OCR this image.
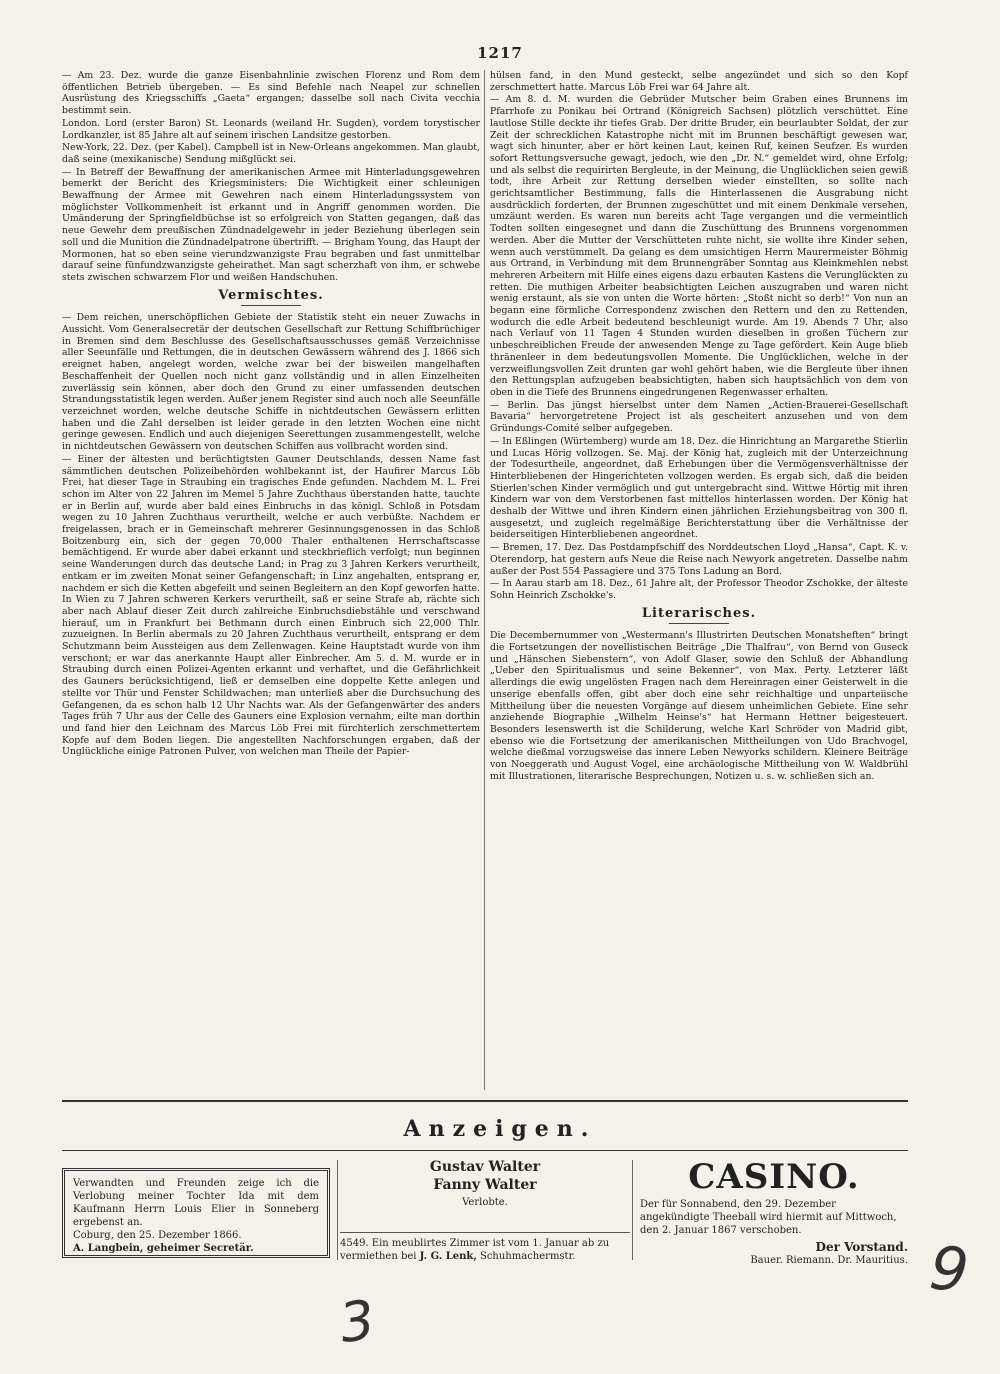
1217

— Am 23. Dez. wurde die ganze Eisenbahnlinie zwischen Florenz und Rom dem öffentlichen Betrieb übergeben. — Es sind Befehle nach Neapel zur schnellen Ausrüstung des Kriegsschiffs „Gaeta“ ergangen; dasselbe soll nach Civita vecchia bestimmt sein.

London. Lord (erster Baron) St. Leonards (weiland Hr. Sugden), vordem torystischer Lordkanzler, ist 85 Jahre alt auf seinem irischen Landsitze gestorben.

New-York, 22. Dez. (per Kabel). Campbell ist in New-Orleans angekommen. Man glaubt, daß seine (mexikanische) Sendung mißglückt sei.

— In Betreff der Bewaffnung der amerikanischen Armee mit Hinterladungsgewehren bemerkt der Bericht des Kriegsministers: Die Wichtigkeit einer schleunigen Bewaffnung der Armee mit Gewehren nach einem Hinterladungssystem von möglichster Vollkommenheit ist erkannt und in Angriff genommen worden. Die Umänderung der Springfieldbüchse ist so erfolgreich von Statten gegangen, daß das neue Gewehr dem preußischen Zündnadelgewehr in jeder Beziehung überlegen sein soll und die Munition die Zündnadelpatrone übertrifft. — Brigham Young, das Haupt der Mormonen, hat so eben seine vierundzwanzigste Frau begraben und fast unmittelbar darauf seine fünfundzwanzigste geheirathet. Man sagt scherzhaft von ihm, er schwebe stets zwischen schwarzem Flor und weißen Handschuhen.

Vermischtes.

— Dem reichen, unerschöpflichen Gebiete der Statistik steht ein neuer Zuwachs in Aussicht. Vom Generalsecretär der deutschen Gesellschaft zur Rettung Schiffbrüchiger in Bremen sind dem Beschlusse des Gesellschaftsausschusses gemäß Verzeichnisse aller Seeunfälle und Rettungen, die in deutschen Gewässern während des J. 1866 sich ereignet haben, angelegt worden, welche zwar bei der bisweilen mangelhaften Beschaffenheit der Quellen noch nicht ganz vollständig und in allen Einzelheiten zuverlässig sein können, aber doch den Grund zu einer umfassenden deutschen Strandungsstatistik legen werden. Außer jenem Register sind auch noch alle Seeunfälle verzeichnet worden, welche deutsche Schiffe in nichtdeutschen Gewässern erlitten haben und die Zahl derselben ist leider gerade in den letzten Wochen eine nicht geringe gewesen. Endlich und auch diejenigen Seerettungen zusammengestellt, welche in nichtdeutschen Gewässern von deutschen Schiffen aus vollbracht worden sind.

— Einer der ältesten und berüchtigtsten Gauner Deutschlands, dessen Name fast sämmtlichen deutschen Polizeibehörden wohlbekannt ist, der Haufirer Marcus Löb Frei, hat dieser Tage in Straubing ein tragisches Ende gefunden. Nachdem M. L. Frei schon im Alter von 22 Jahren im Memel 5 Jahre Zuchthaus überstanden hatte, tauchte er in Berlin auf, wurde aber bald eines Einbruchs in das königl. Schloß in Potsdam wegen zu 10 Jahren Zuchthaus verurtheilt, welche er auch verbüßte. Nachdem er freigelassen, brach er in Gemeinschaft mehrerer Gesinnungsgenossen in das Schloß Boitzenburg ein, sich der gegen 70,000 Thaler enthaltenen Herrschaftscasse bemächtigend. Er wurde aber dabei erkannt und steckbrieflich verfolgt; nun beginnen seine Wanderungen durch das deutsche Land; in Prag zu 3 Jahren Kerkers verurtheilt, entkam er im zweiten Monat seiner Gefangenschaft; in Linz angehalten, entsprang er, nachdem er sich die Ketten abgefeilt und seinen Begleitern an den Kopf geworfen hatte. In Wien zu 7 Jahren schweren Kerkers verurtheilt, saß er seine Strafe ab, rächte sich aber nach Ablauf dieser Zeit durch zahlreiche Einbruchsdiebstähle und verschwand hierauf, um in Frankfurt bei Bethmann durch einen Einbruch sich 22,000 Thlr. zuzueignen. In Berlin abermals zu 20 Jahren Zuchthaus verurtheilt, entsprang er dem Schutzmann beim Aussteigen aus dem Zellenwagen. Keine Hauptstadt wurde von ihm verschont; er war das anerkannte Haupt aller Einbrecher. Am 5. d. M. wurde er in Straubing durch einen Polizei-Agenten erkannt und verhaftet, und die Gefährlichkeit des Gauners berücksichtigend, ließ er demselben eine doppelte Kette anlegen und stellte vor Thür und Fenster Schildwachen; man unterließ aber die Durchsuchung des Gefangenen, da es schon halb 12 Uhr Nachts war. Als der Gefangenwärter des anders Tages früh 7 Uhr aus der Celle des Gauners eine Explosion vernahm, eilte man dorthin und fand hier den Leichnam des Marcus Löb Frei mit fürchterlich zerschmettertem Kopfe auf dem Boden liegen. Die angestellten Nachforschungen ergaben, daß der Unglückliche einige Patronen Pulver, von welchen man Theile der Papier-

hülsen fand, in den Mund gesteckt, selbe angezündet und sich so den Kopf zerschmettert hatte. Marcus Löb Frei war 64 Jahre alt.

— Am 8. d. M. wurden die Gebrüder Mutscher beim Graben eines Brunnens im Pfarrhofe zu Ponikau bei Ortrand (Königreich Sachsen) plötzlich verschüttet. Eine lautlose Stille deckte ihr tiefes Grab. Der dritte Bruder, ein beurlaubter Soldat, der zur Zeit der schrecklichen Katastrophe nicht mit im Brunnen beschäftigt gewesen war, wagt sich hinunter, aber er hört keinen Laut, keinen Ruf, keinen Seufzer. Es wurden sofort Rettungsversuche gewagt, jedoch, wie den „Dr. N.“ gemeldet wird, ohne Erfolg; und als selbst die requirirten Bergleute, in der Meinung, die Unglücklichen seien gewiß todt, ihre Arbeit zur Rettung derselben wieder einstellten, so sollte nach gerichtsamtlicher Bestimmung, falls die Hinterlassenen die Ausgrabung nicht ausdrücklich forderten, der Brunnen zugeschüttet und mit einem Denkmale versehen, umzäunt werden. Es waren nun bereits acht Tage vergangen und die vermeintlich Todten sollten eingesegnet und dann die Zuschüttung des Brunnens vorgenommen werden. Aber die Mutter der Verschütteten ruhte nicht, sie wollte ihre Kinder sehen, wenn auch verstümmelt. Da gelang es dem umsichtigen Herrn Maurermeister Böhmig aus Ortrand, in Verbindung mit dem Brunnengräber Sonntag aus Kleinkmehlen nebst mehreren Arbeitern mit Hilfe eines eigens dazu erbauten Kastens die Verunglückten zu retten. Die muthigen Arbeiter beabsichtigten Leichen auszugraben und waren nicht wenig erstaunt, als sie von unten die Worte hörten: „Stoßt nicht so derb!“ Von nun an begann eine förmliche Correspondenz zwischen den Rettern und den zu Rettenden, wodurch die edle Arbeit bedeutend beschleunigt wurde. Am 19. Abends 7 Uhr, also nach Verlauf von 11 Tagen 4 Stunden wurden dieselben in großen Tüchern zur unbeschreiblichen Freude der anwesenden Menge zu Tage gefördert. Kein Auge blieb thränenleer in dem bedeutungsvollen Momente. Die Unglücklichen, welche in der verzweiflungsvollen Zeit drunten gar wohl gehört haben, wie die Bergleute über ihnen den Rettungsplan aufzugeben beabsichtigten, haben sich hauptsächlich von dem von oben in die Tiefe des Brunnens eingedrungenen Regenwasser erhalten.

— Berlin. Das jüngst hierselbst unter dem Namen „Actien-Brauerei-Gesellschaft Bavaria“ hervorgetretene Project ist als gescheitert anzusehen und von dem Gründungs-Comité selber aufgegeben.

— In Eßlingen (Würtemberg) wurde am 18. Dez. die Hinrichtung an Margarethe Stierlin und Lucas Hörig vollzogen. Se. Maj. der König hat, zugleich mit der Unterzeichnung der Todesurtheile, angeordnet, daß Erhebungen über die Vermögensverhältnisse der Hinterbliebenen der Hingerichteten vollzogen werden. Es ergab sich, daß die beiden Stierlen'schen Kinder vermöglich und gut untergebracht sind. Wittwe Hörtig mit ihren Kindern war von dem Verstorbenen fast mittellos hinterlassen worden. Der König hat deshalb der Wittwe und ihren Kindern einen jährlichen Erziehungsbeitrag von 300 fl. ausgesetzt, und zugleich regelmäßige Berichterstattung über die Verhältnisse der beiderseitigen Hinterbliebenen angeordnet.

— Bremen, 17. Dez. Das Postdampfschiff des Norddeutschen Lloyd „Hansa“, Capt. K. v. Oterendorp, hat gestern aufs Neue die Reise nach Newyork angetreten. Dasselbe nahm außer der Post 554 Passagiere und 375 Tons Ladung an Bord.

— In Aarau starb am 18. Dez., 61 Jahre alt, der Professor Theodor Zschokke, der älteste Sohn Heinrich Zschokke's.

Literarisches.

Die Decembernummer von „Westermann's Illustrirten Deutschen Monatsheften“ bringt die Fortsetzungen der novellistischen Beiträge „Die Thalfrau“, von Bernd von Guseck und „Hänschen Siebenstern“, von Adolf Glaser, sowie den Schluß der Abhandlung „Ueber den Spiritualismus und seine Bekenner“, von Max. Perty. Letzterer läßt allerdings die ewig ungelösten Fragen nach dem Hereinragen einer Geisterwelt in die unserige ebenfalls offen, gibt aber doch eine sehr reichhaltige und unparteiische Mittheilung über die neuesten Vorgänge auf diesem unheimlichen Gebiete. Eine sehr anziehende Biographie „Wilhelm Heinse's“ hat Hermann Hettner beigesteuert. Besonders lesenswerth ist die Schilderung, welche Karl Schröder von Madrid gibt, ebenso wie die Fortsetzung der amerikanischen Mittheilungen von Udo Brachvogel, welche dießmal vorzugsweise das innere Leben Newyorks schildern. Kleinere Beiträge von Noeggerath und August Vogel, eine archäologische Mittheilung von W. Waldbrühl mit Illustrationen, literarische Besprechungen, Notizen u. s. w. schließen sich an.

Anzeigen.
Verwandten und Freunden zeige ich die Verlobung meiner Tochter Ida mit dem Kaufmann Herrn Louis Elier in Sonneberg ergebenst an.
Coburg, den 25. Dezember 1866.
A. Langbein, geheimer Secretär.
Gustav Walter
Fanny Walter
Verlobte.
4549. Ein meublirtes Zimmer ist vom 1. Januar ab zu vermiethen bei J. G. Lenk, Schuhmachermstr.
CASINO.
Der für Sonnabend, den 29. Dezember angekündigte Theeball wird hiermit auf Mittwoch, den 2. Januar 1867 verschoben.
Der Vorstand.
Bauer. Riemann. Dr. Mauritius.
3
9
